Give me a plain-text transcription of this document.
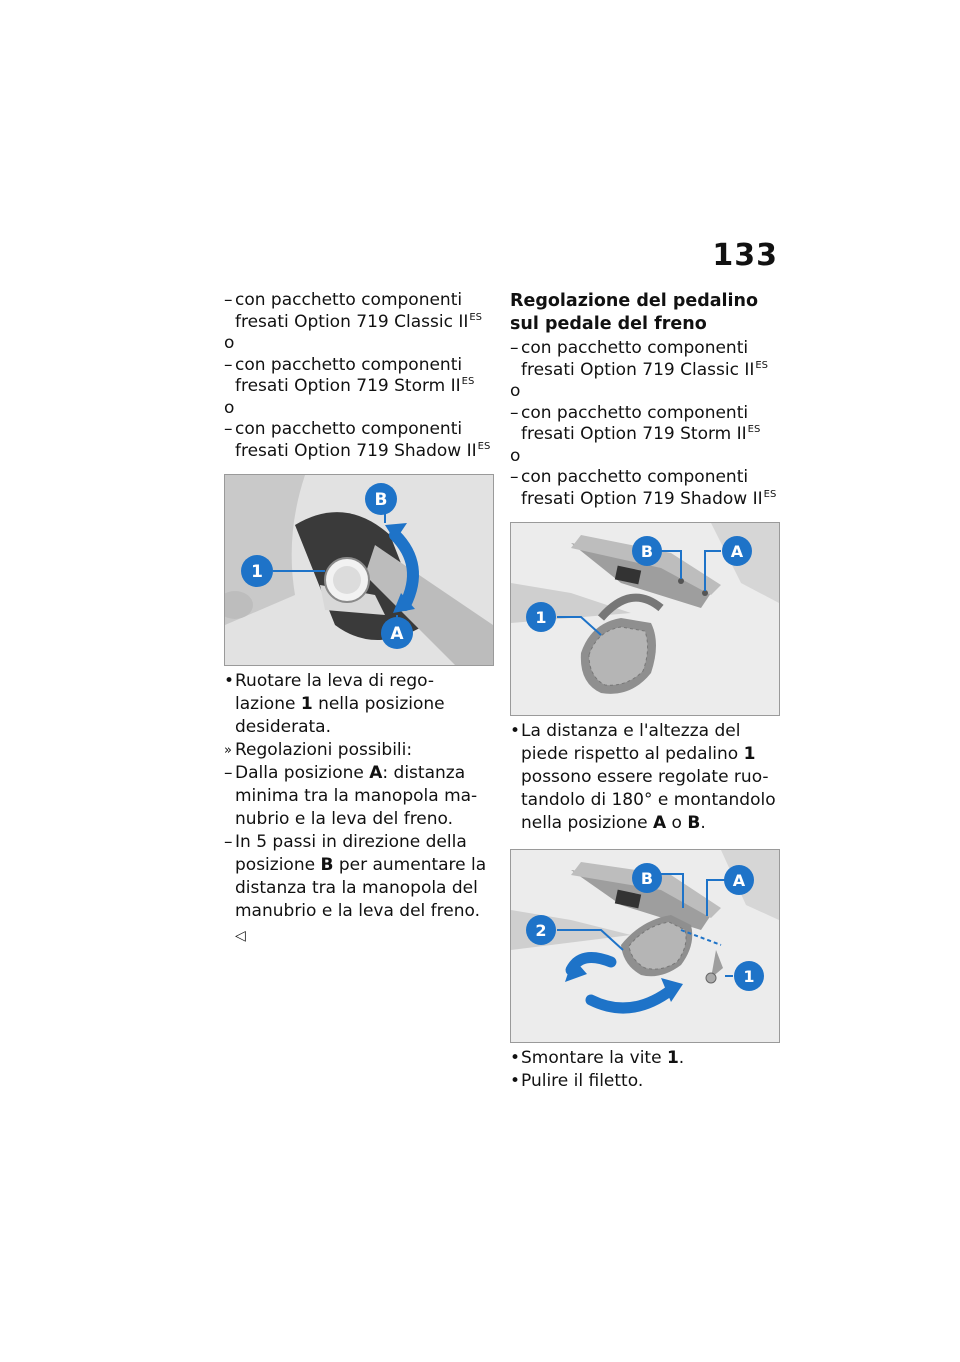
133
– con pacchetto componenti fresati Option 719 Classic $II^{ES}$
o
– con pacchetto componenti fresati Option 719 Storm $II^{ES}$
o
– con pacchetto componenti fresati Option 719 Shadow $II^{ES}$
1
B
A
• Ruotare la leva di rego-lazione 1 nella posizione desiderata.
» Regolazioni possibili:
– Dalla posizione A: distanza minima tra la manopola ma-nubrio e la leva del freno.
– In 5 passi in direzione della posizione B per aumentare la distanza tra la manopola del manubrio e la leva del freno. ◁
Regolazione del pedalino sul pedale del freno
– con pacchetto componenti fresati Option 719 Classic $II^{ES}$
o
– con pacchetto componenti fresati Option 719 Storm $II^{ES}$
o
– con pacchetto componenti fresati Option 719 Shadow $II^{ES}$
B	A
1
• La distanza e l'altezza del piede rispetto al pedalino 1 possono essere regolate ruo-tandolo di 180° e montandolo nella posizione A o B.
B	A
2
1
• Smontare la vite 1.
• Pulire il filetto.
